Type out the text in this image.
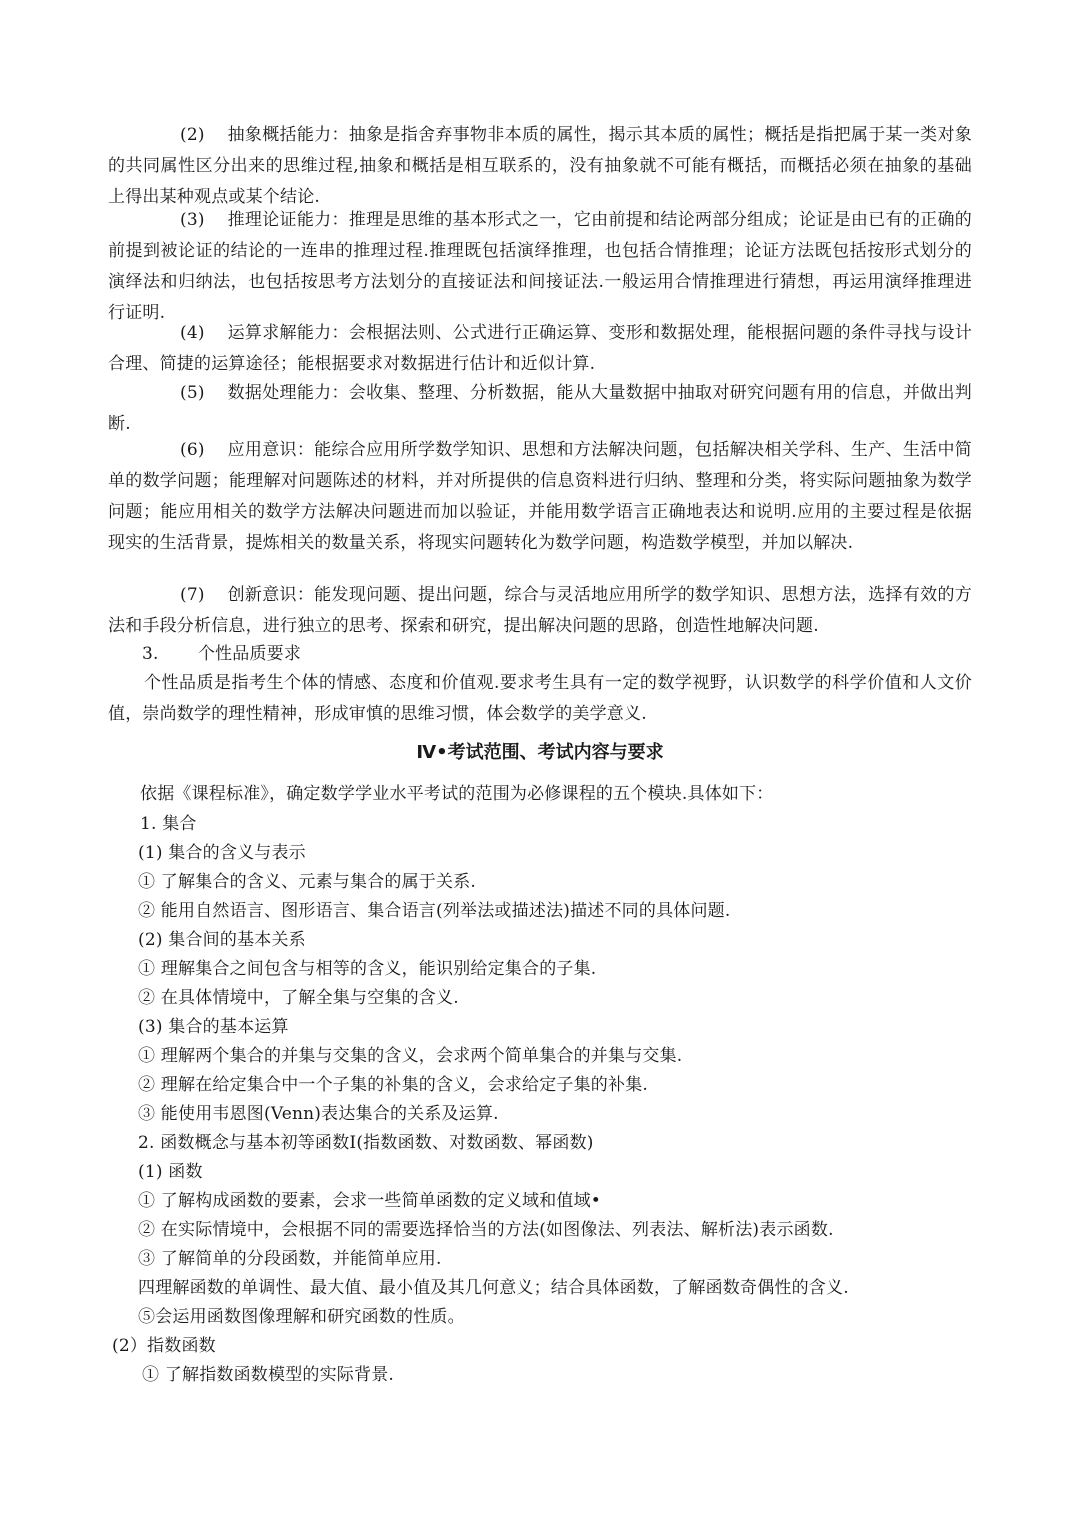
(2) 抽象概括能力：抽象是指舍弃事物非本质的属性，揭示其本质的属性；概括是指把属于某一类对象的共同属性区分出来的思维过程,抽象和概括是相互联系的，没有抽象就不可能有概括，而概括必须在抽象的基础上得出某种观点或某个结论.

(3) 推理论证能力：推理是思维的基本形式之一，它由前提和结论两部分组成；论证是由已有的正确的前提到被论证的结论的一连串的推理过程.推理既包括演绎推理，也包括合情推理；论证方法既包括按形式划分的演绎法和归纳法，也包括按思考方法划分的直接证法和间接证法.一般运用合情推理进行猜想，再运用演绎推理进行证明.

(4) 运算求解能力：会根据法则、公式进行正确运算、变形和数据处理，能根据问题的条件寻找与设计合理、简捷的运算途径；能根据要求对数据进行估计和近似计算.

(5) 数据处理能力：会收集、整理、分析数据，能从大量数据中抽取对研究问题有用的信息，并做出判断.

(6) 应用意识：能综合应用所学数学知识、思想和方法解决问题，包括解决相关学科、生产、生活中简单的数学问题；能理解对问题陈述的材料，并对所提供的信息资料进行归纳、整理和分类，将实际问题抽象为数学问题；能应用相关的数学方法解决问题进而加以验证，并能用数学语言正确地表达和说明.应用的主要过程是依据现实的生活背景，提炼相关的数量关系，将现实问题转化为数学问题，构造数学模型，并加以解决.

(7) 创新意识：能发现问题、提出问题，综合与灵活地应用所学的数学知识、思想方法，选择有效的方法和手段分析信息，进行独立的思考、探索和研究，提出解决问题的思路，创造性地解决问题.

3. 个性品质要求

个性品质是指考生个体的情感、态度和价值观.要求考生具有一定的数学视野，认识数学的科学价值和人文价值，崇尚数学的理性精神，形成审慎的思维习惯，体会数学的美学意义.

Ⅳ•考试范围、考试内容与要求

依据《课程标准》，确定数学学业水平考试的范围为必修课程的五个模块.具体如下：

1. 集合

(1) 集合的含义与表示

① 了解集合的含义、元素与集合的属于关系.

② 能用自然语言、图形语言、集合语言(列举法或描述法)描述不同的具体问题.

(2) 集合间的基本关系

① 理解集合之间包含与相等的含义，能识别给定集合的子集.

② 在具体情境中，了解全集与空集的含义.

(3) 集合的基本运算

① 理解两个集合的并集与交集的含义，会求两个简单集合的并集与交集.

② 理解在给定集合中一个子集的补集的含义，会求给定子集的补集.

③ 能使用韦恩图(Venn)表达集合的关系及运算.

2. 函数概念与基本初等函数Ⅰ(指数函数、对数函数、幂函数)

(1) 函数

① 了解构成函数的要素，会求一些简单函数的定义域和值域•

② 在实际情境中，会根据不同的需要选择恰当的方法(如图像法、列表法、解析法)表示函数.

③ 了解简单的分段函数，并能简单应用.

四理解函数的单调性、最大值、最小值及其几何意义；结合具体函数，了解函数奇偶性的含义.

⑤会运用函数图像理解和研究函数的性质。

(2）指数函数

① 了解指数函数模型的实际背景.
